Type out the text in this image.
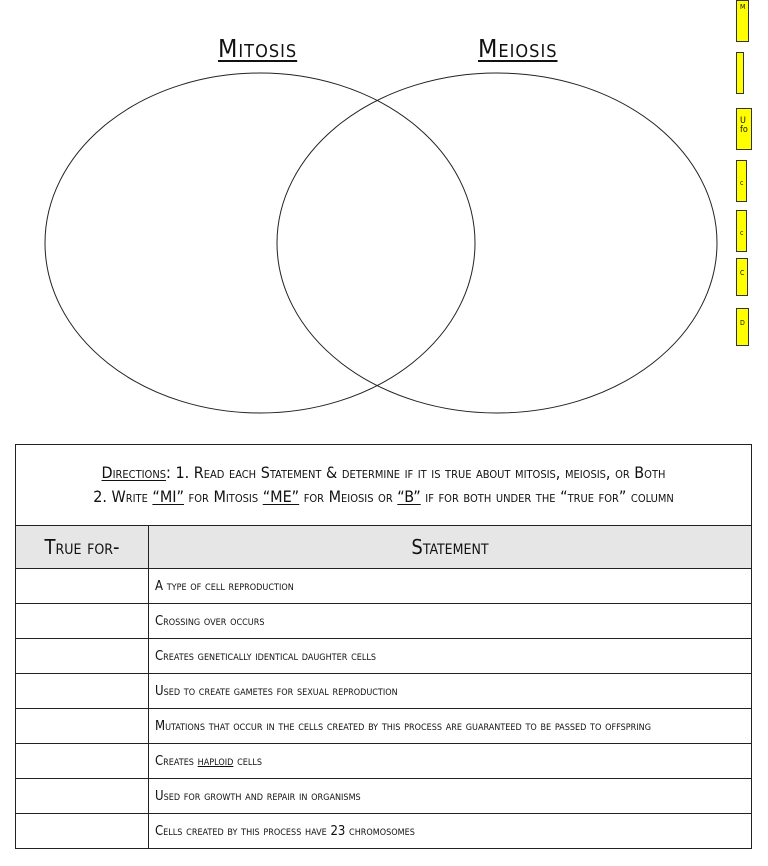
Mitosis	Meiosis
M
U
fo
c
c
C
D
Directions: 1. Read each Statement & determine if it is true about mitosis, meiosis, or Both
2. Write “MI” for Mitosis “ME” for Meiosis or “B” if for both under the “true for” column	
True for-	Statement
	A type of cell reproduction
	Crossing over occurs
	Creates genetically identical daughter cells
	Used to create gametes for sexual reproduction
	Mutations that occur in the cells created by this process are guaranteed to be passed to offspring
	Creates haploid cells
	Used for growth and repair in organisms
	Cells created by this process have 23 chromosomes
